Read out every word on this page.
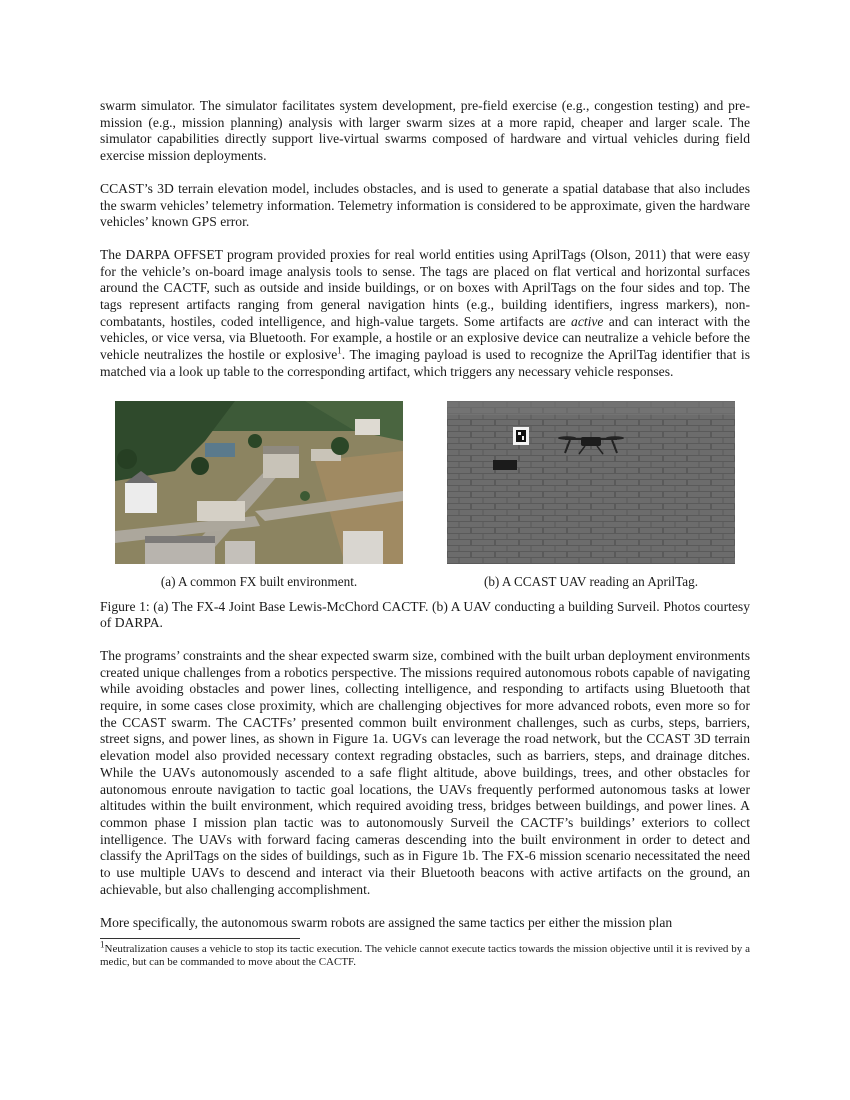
swarm simulator. The simulator facilitates system development, pre-field exercise (e.g., congestion testing) and pre-mission (e.g., mission planning) analysis with larger swarm sizes at a more rapid, cheaper and larger scale. The simulator capabilities directly support live-virtual swarms composed of hardware and virtual vehicles during field exercise mission deployments.

CCAST’s 3D terrain elevation model, includes obstacles, and is used to generate a spatial database that also includes the swarm vehicles’ telemetry information. Telemetry information is considered to be approximate, given the hardware vehicles’ known GPS error.

The DARPA OFFSET program provided proxies for real world entities using AprilTags (Olson, 2011) that were easy for the vehicle’s on-board image analysis tools to sense. The tags are placed on flat vertical and horizontal surfaces around the CACTF, such as outside and inside buildings, or on boxes with AprilTags on the four sides and top. The tags represent artifacts ranging from general navigation hints (e.g., building identifiers, ingress markers), non-combatants, hostiles, coded intelligence, and high-value targets. Some artifacts are active and can interact with the vehicles, or vice versa, via Bluetooth. For example, a hostile or an explosive device can neutralize a vehicle before the vehicle neutralizes the hostile or explosive$^1$. The imaging payload is used to recognize the AprilTag identifier that is matched via a look up table to the corresponding artifact, which triggers any necessary vehicle responses.

(a) A common FX built environment.	(b) A CCAST UAV reading an AprilTag.

Figure 1: (a) The FX-4 Joint Base Lewis-McChord CACTF. (b) A UAV conducting a building Surveil. Photos courtesy of DARPA.

The programs’ constraints and the shear expected swarm size, combined with the built urban deployment environments created unique challenges from a robotics perspective. The missions required autonomous robots capable of navigating while avoiding obstacles and power lines, collecting intelligence, and responding to artifacts using Bluetooth that require, in some cases close proximity, which are challenging objectives for more advanced robots, even more so for the CCAST swarm. The CACTFs’ presented common built environment challenges, such as curbs, steps, barriers, street signs, and power lines, as shown in Figure 1a. UGVs can leverage the road network, but the CCAST 3D terrain elevation model also provided necessary context regrading obstacles, such as barriers, steps, and drainage ditches. While the UAVs autonomously ascended to a safe flight altitude, above buildings, trees, and other obstacles for autonomous enroute navigation to tactic goal locations, the UAVs frequently performed autonomous tasks at lower altitudes within the built environment, which required avoiding tress, bridges between buildings, and power lines. A common phase I mission plan tactic was to autonomously Surveil the CACTF’s buildings’ exteriors to collect intelligence. The UAVs with forward facing cameras descending into the built environment in order to detect and classify the AprilTags on the sides of buildings, such as in Figure 1b. The FX-6 mission scenario necessitated the need to use multiple UAVs to descend and interact via their Bluetooth beacons with active artifacts on the ground, an achievable, but also challenging accomplishment.

More specifically, the autonomous swarm robots are assigned the same tactics per either the mission plan

$^1$Neutralization causes a vehicle to stop its tactic execution. The vehicle cannot execute tactics towards the mission objective until it is revived by a medic, but can be commanded to move about the CACTF.
